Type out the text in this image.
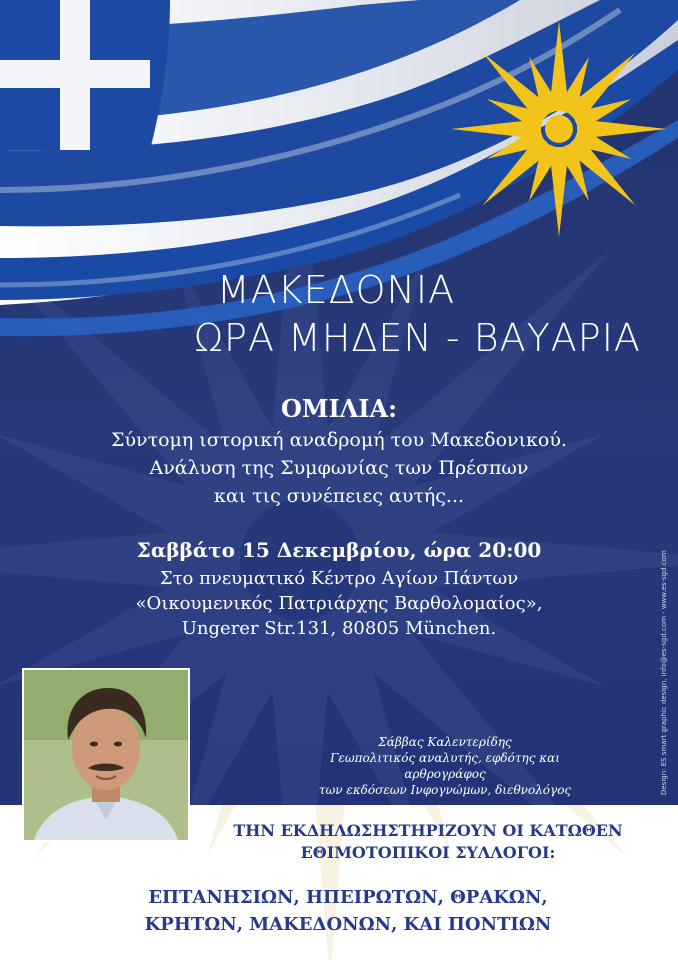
ΜΑΚΕΔΟΝΙΑ
ΩΡΑ ΜΗΔΕΝ - ΒΑΥΑΡΙΑ
ΟΜΙΛΙΑ:
Σύντομη ιστορική αναδρομή του Μακεδονικού.
Ανάλυση της Συμφωνίας των Πρέσπων
και τις συνέπειες αυτής...
Σαββάτο 15 Δεκεμβρίου, ώρα 20:00
Στο πνευματικό Κέντρο Αγίων Πάντων
«Οικουμενικός Πατριάρχης Βαρθολομαίος»,
Ungerer Str.131, 80805 München.
Σάββας Καλεντερίδης
Γεωπολιτικός αναλυτής, εφδότης και αρθρογράφος
των εκδόσεων Ινφογνώμων, διεθνολόγος	Design: ES smart graphic design, info@es-sgd.com - www.es-sgd.com
ΤΗΝ ΕΚΔΗΛΩΣΗΣΤΗΡΙΖΟΥΝ ΟΙ ΚΑΤΩΘΕΝ
ΕΘΙΜΟΤΟΠΙΚΟΙ ΣΥΛΛΟΓΟΙ:
ΕΠΤΑΝΗΣΙΩΝ, ΗΠΕΙΡΩΤΩΝ, ΘΡΑΚΩΝ,
ΚΡΗΤΩΝ, ΜΑΚΕΔΟΝΩΝ, ΚΑΙ ΠΟΝΤΙΩΝ
